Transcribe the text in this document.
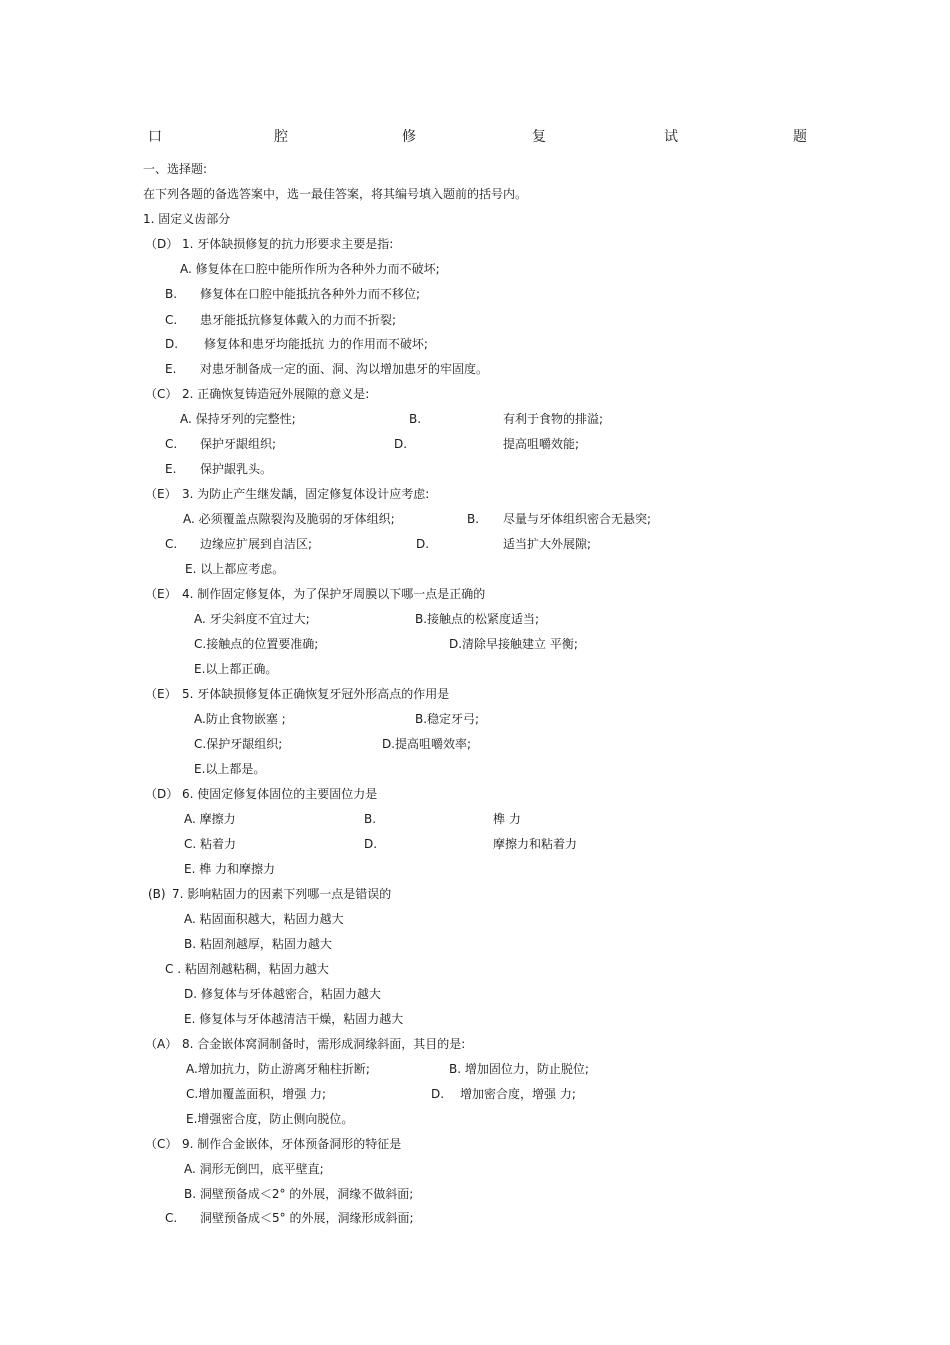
口	腔	修	复	试	题
一、选择题:
在下列各题的备选答案中，选一最佳答案，将其编号填入题前的括号内。
1. 固定义齿部分
（D） 1. 牙体缺损修复的抗力形要求主要是指:
A. 修复体在口腔中能所作所为各种外力而不破坏;
B. 修复体在口腔中能抵抗各种外力而不移位;
C. 患牙能抵抗修复体戴入的力而不折裂;
D. 修复体和患牙均能抵抗 力的作用而不破坏;
E. 对患牙制备成一定的面、洞、沟以增加患牙的牢固度。
（C） 2. 正确恢复铸造冠外展隙的意义是:
A. 保持牙列的完整性;	B.	有利于食物的排溢;
C. 保护牙龈组织;	D.	提高咀嚼效能;
E. 保护龈乳头。
（E） 3. 为防止产生继发龋，固定修复体设计应考虑:
A. 必须覆盖点隙裂沟及脆弱的牙体组织;	B. 尽量与牙体组织密合无悬突;
C. 边缘应扩展到自洁区;	D.	适当扩大外展隙;
E. 以上都应考虑。
（E） 4. 制作固定修复体，为了保护牙周膜以下哪一点是正确的
A. 牙尖斜度不宜过大;	B.接触点的松紧度适当;
C.接触点的位置要准确;	D.清除早接触建立 平衡;
E.以上都正确。
（E） 5. 牙体缺损修复体正确恢复牙冠外形高点的作用是
A.防止食物嵌塞 ;	B.稳定牙弓;
C.保护牙龈组织;	D.提高咀嚼效率;
E.以上都是。
（D） 6. 使固定修复体固位的主要固位力是
A. 摩擦力	B.	榫 力
C. 粘着力	D.	摩擦力和粘着力
E. 榫 力和摩擦力
(B) 7. 影响粘固力的因素下列哪一点是错误的
A. 粘固面积越大，粘固力越大
B. 粘固剂越厚，粘固力越大
C . 粘固剂越粘稠，粘固力越大
D. 修复体与牙体越密合，粘固力越大
E. 修复体与牙体越清洁干燥，粘固力越大
（A） 8. 合金嵌体窝洞制备时，需形成洞缘斜面，其目的是:
A.增加抗力，防止游离牙釉柱折断;	B. 增加固位力，防止脱位;
C.增加覆盖面积，增强 力;	D. 增加密合度，增强 力;
E.增强密合度，防止侧向脱位。
（C） 9. 制作合金嵌体，牙体预备洞形的特征是
A. 洞形无倒凹，底平壁直;
B. 洞壁预备成＜2° 的外展，洞缘不做斜面;
C. 洞壁预备成＜5° 的外展，洞缘形成斜面;
